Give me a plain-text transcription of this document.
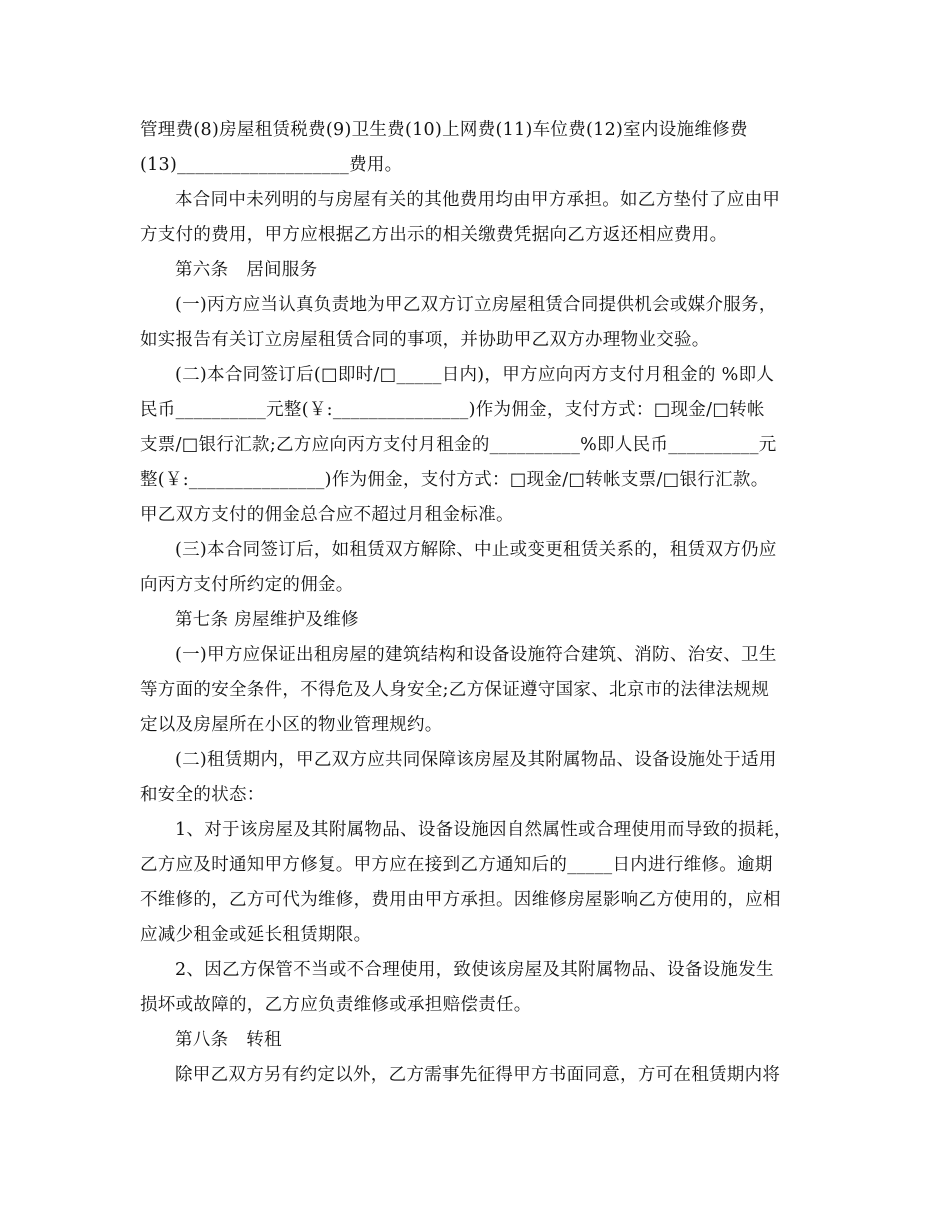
管理费(8)房屋租赁税费(9)卫生费(10)上网费(11)车位费(12)室内设施维修费
(13)___________________费用。
本合同中未列明的与房屋有关的其他费用均由甲方承担。如乙方垫付了应由甲
方支付的费用，甲方应根据乙方出示的相关缴费凭据向乙方返还相应费用。
第六条　居间服务
(一)丙方应当认真负责地为甲乙双方订立房屋租赁合同提供机会或媒介服务，
如实报告有关订立房屋租赁合同的事项，并协助甲乙双方办理物业交验。
(二)本合同签订后(□即时/□_____日内)，甲方应向丙方支付月租金的 %即人
民币__________元整(￥:_______________)作为佣金，支付方式：□现金/□转帐
支票/□银行汇款;乙方应向丙方支付月租金的__________%即人民币__________元
整(￥:_______________)作为佣金，支付方式：□现金/□转帐支票/□银行汇款。
甲乙双方支付的佣金总合应不超过月租金标准。
(三)本合同签订后，如租赁双方解除、中止或变更租赁关系的，租赁双方仍应
向丙方支付所约定的佣金。
第七条 房屋维护及维修
(一)甲方应保证出租房屋的建筑结构和设备设施符合建筑、消防、治安、卫生
等方面的安全条件，不得危及人身安全;乙方保证遵守国家、北京市的法律法规规
定以及房屋所在小区的物业管理规约。
(二)租赁期内，甲乙双方应共同保障该房屋及其附属物品、设备设施处于适用
和安全的状态：
1、对于该房屋及其附属物品、设备设施因自然属性或合理使用而导致的损耗，
乙方应及时通知甲方修复。甲方应在接到乙方通知后的_____日内进行维修。逾期
不维修的，乙方可代为维修，费用由甲方承担。因维修房屋影响乙方使用的，应相
应减少租金或延长租赁期限。
2、因乙方保管不当或不合理使用，致使该房屋及其附属物品、设备设施发生
损坏或故障的，乙方应负责维修或承担赔偿责任。
第八条　转租
除甲乙双方另有约定以外，乙方需事先征得甲方书面同意，方可在租赁期内将
